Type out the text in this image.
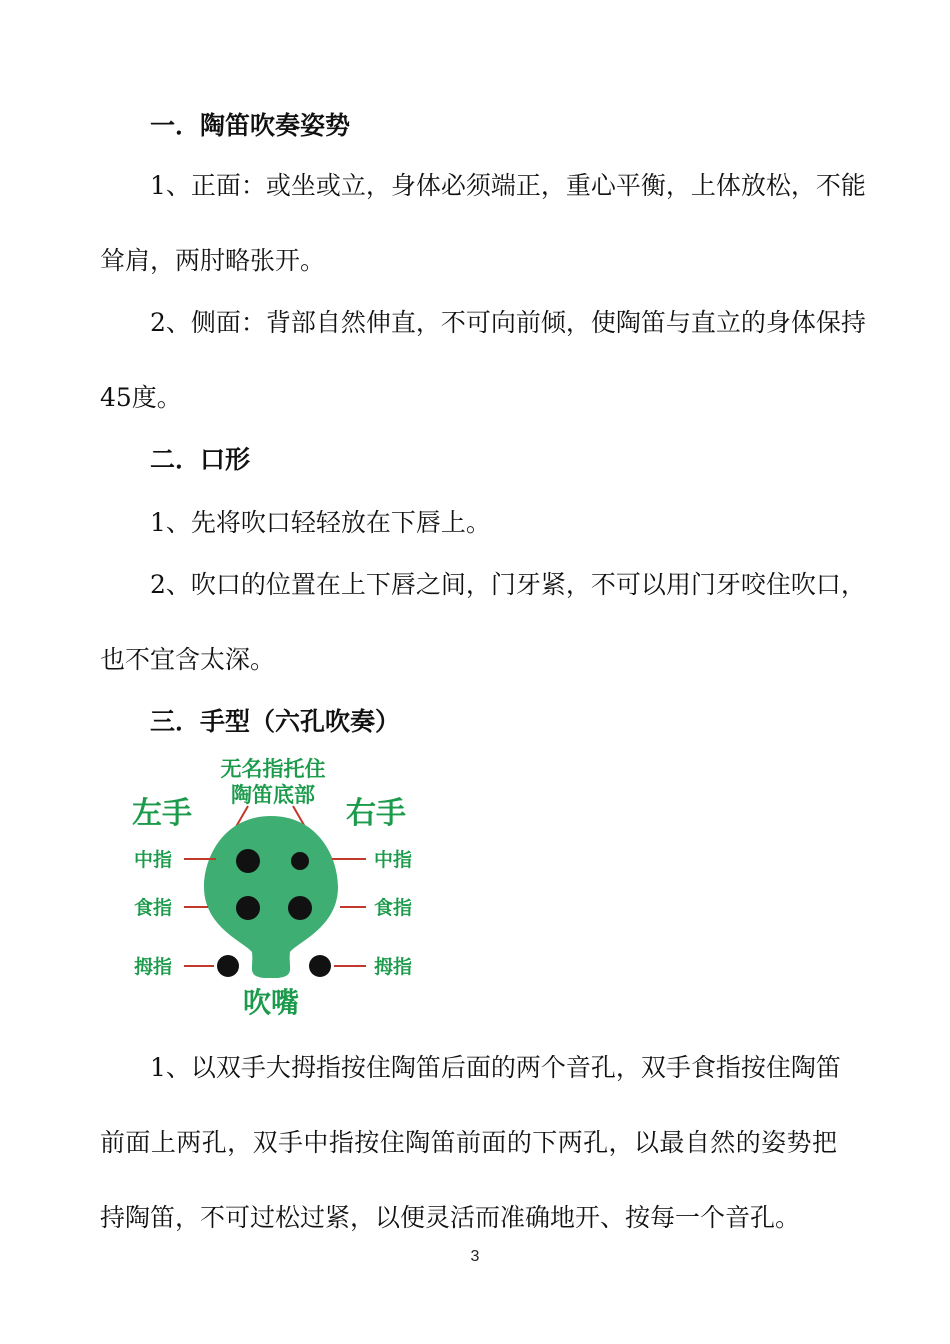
一．陶笛吹奏姿势
1、正面：或坐或立，身体必须端正，重心平衡，上体放松，不能
耸肩，两肘略张开。
2、侧面：背部自然伸直，不可向前倾，使陶笛与直立的身体保持
45度。
二．口形
1、先将吹口轻轻放在下唇上。
2、吹口的位置在上下唇之间，门牙紧，不可以用门牙咬住吹口，
也不宜含太深。
三．手型（六孔吹奏）
无名指托住
陶笛底部
左手	右手
中指
食指
拇指
中指
食指
拇指
吹嘴
1、以双手大拇指按住陶笛后面的两个音孔，双手食指按住陶笛
前面上两孔，双手中指按住陶笛前面的下两孔，以最自然的姿势把
持陶笛，不可过松过紧，以便灵活而准确地开、按每一个音孔。
3
